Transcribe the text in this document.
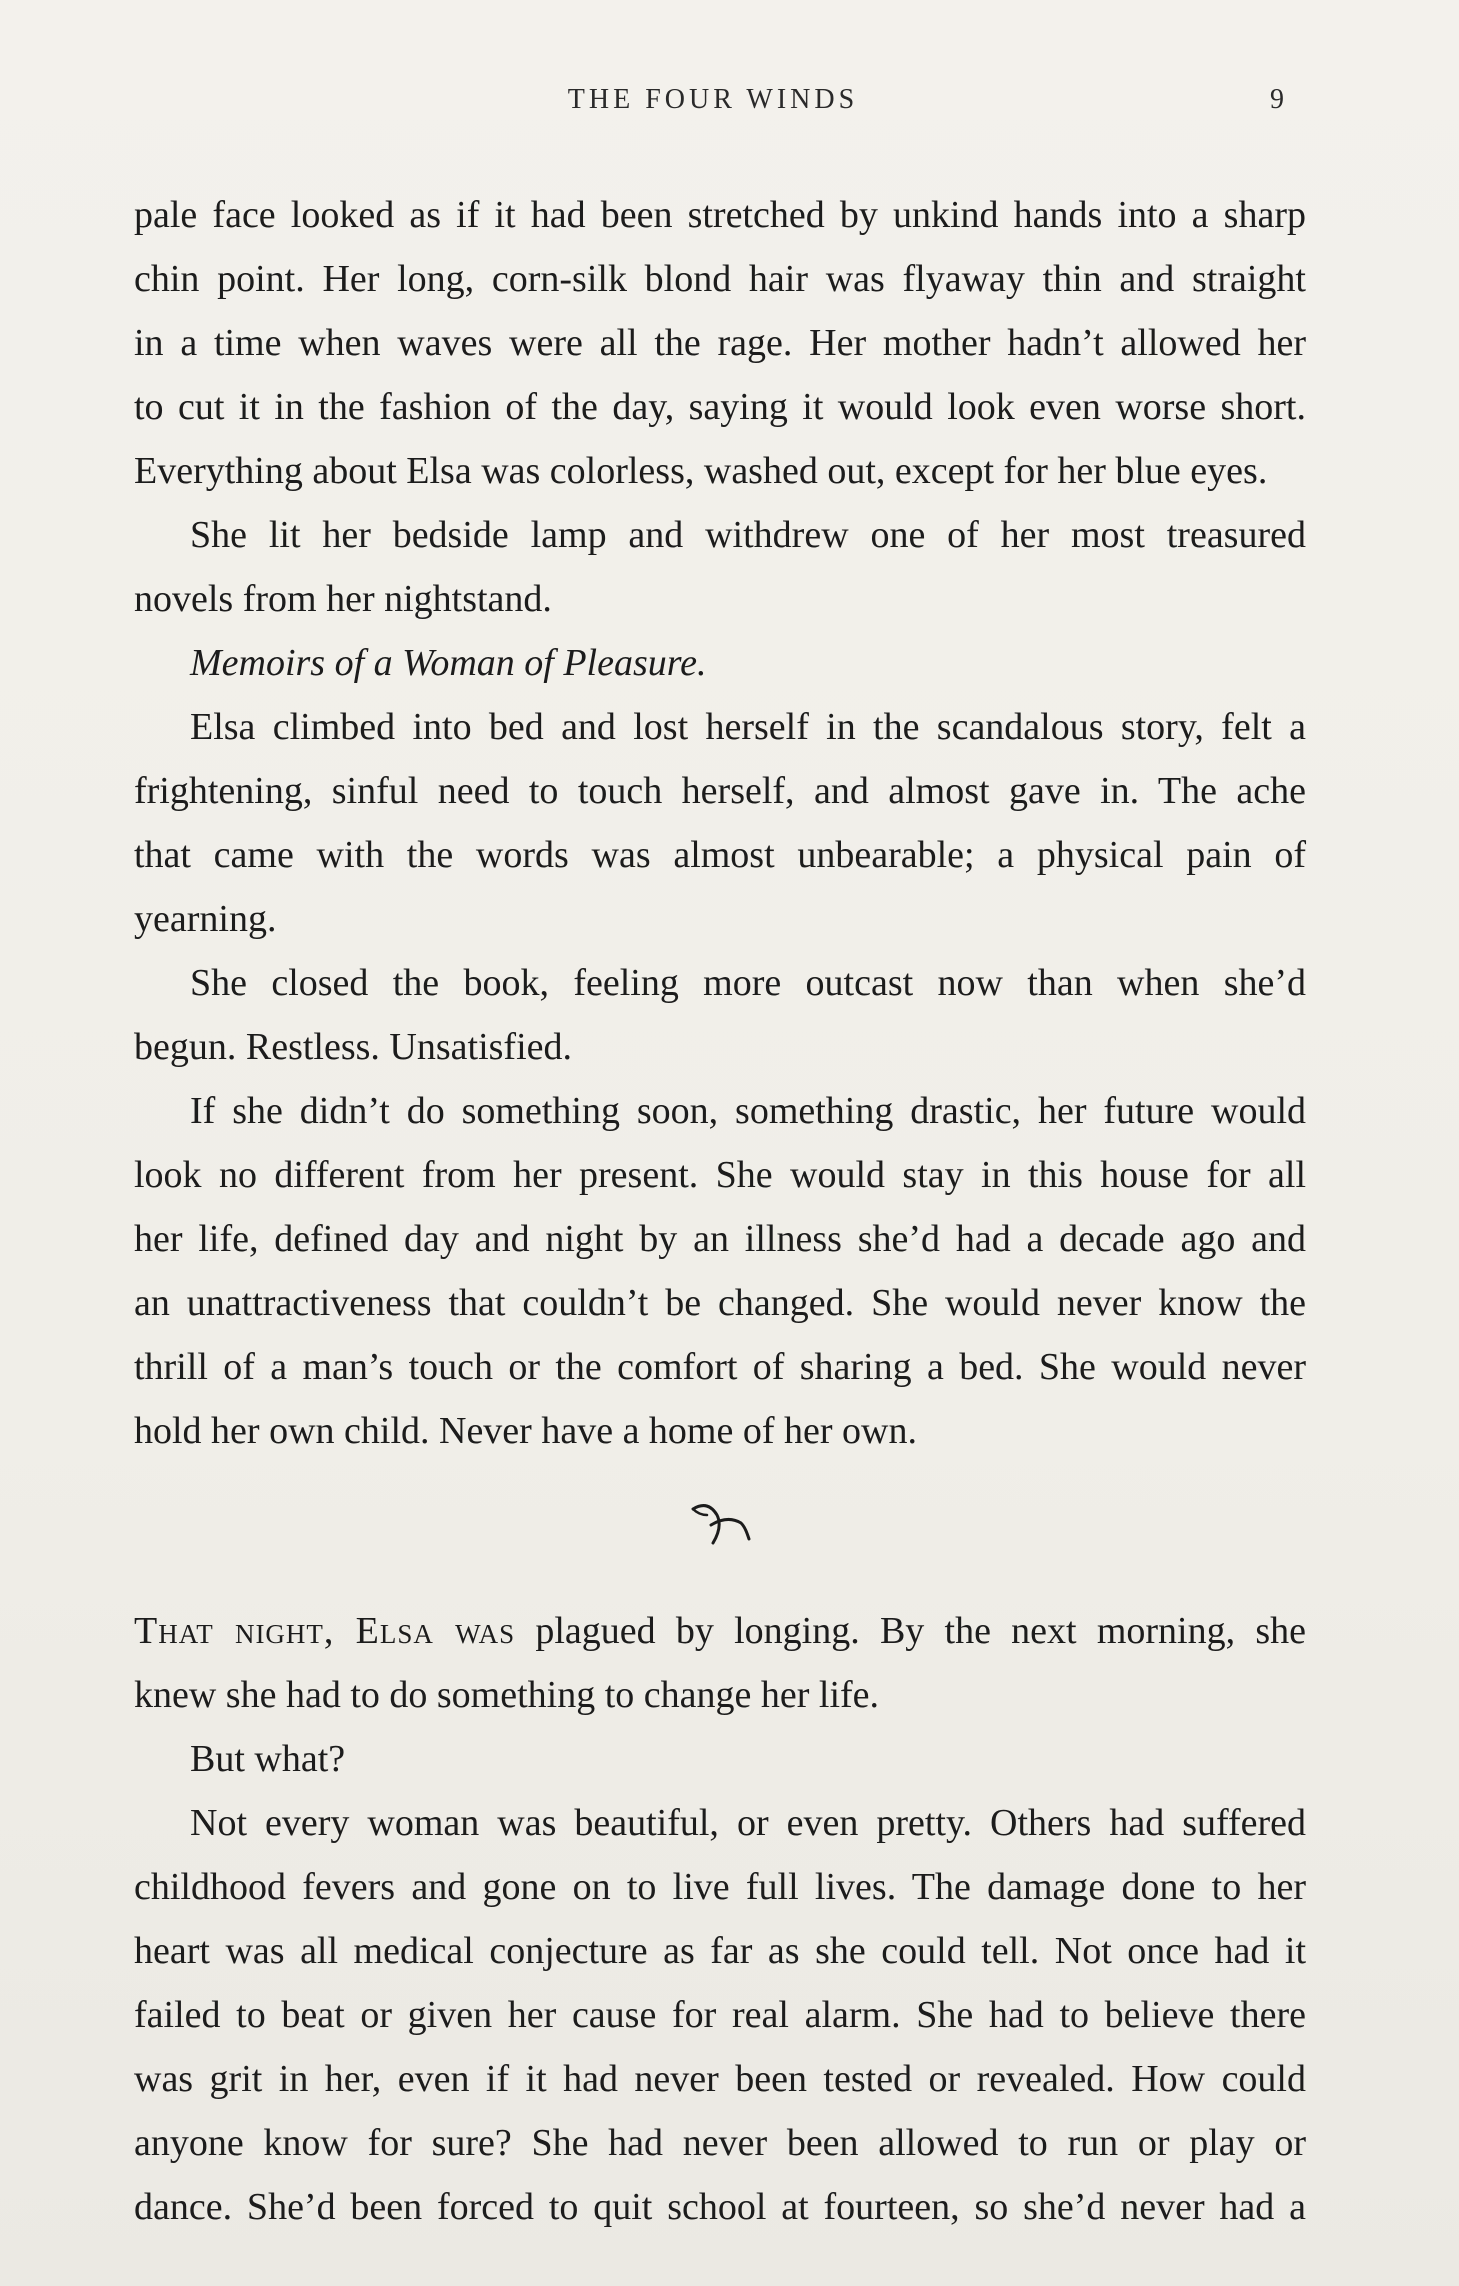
THE FOUR WINDS	9
pale face looked as if it had been stretched by unkind hands into a sharp
chin point. Her long, corn-silk blond hair was flyaway thin and straight
in a time when waves were all the rage. Her mother hadn’t allowed her
to cut it in the fashion of the day, saying it would look even worse short.
Everything about Elsa was colorless, washed out, except for her blue eyes.
She lit her bedside lamp and withdrew one of her most treasured
novels from her nightstand.
Memoirs of a Woman of Pleasure.
Elsa climbed into bed and lost herself in the scandalous story, felt a
frightening, sinful need to touch herself, and almost gave in. The ache
that came with the words was almost unbearable; a physical pain of
yearning.
She closed the book, feeling more outcast now than when she’d
begun. Restless. Unsatisfied.
If she didn’t do something soon, something drastic, her future would
look no different from her present. She would stay in this house for all
her life, defined day and night by an illness she’d had a decade ago and
an unattractiveness that couldn’t be changed. She would never know the
thrill of a man’s touch or the comfort of sharing a bed. She would never
hold her own child. Never have a home of her own.
That night, Elsa was plagued by longing. By the next morning, she
knew she had to do something to change her life.
But what?
Not every woman was beautiful, or even pretty. Others had suffered
childhood fevers and gone on to live full lives. The damage done to her
heart was all medical conjecture as far as she could tell. Not once had it
failed to beat or given her cause for real alarm. She had to believe there
was grit in her, even if it had never been tested or revealed. How could
anyone know for sure? She had never been allowed to run or play or
dance. She’d been forced to quit school at fourteen, so she’d never had a
